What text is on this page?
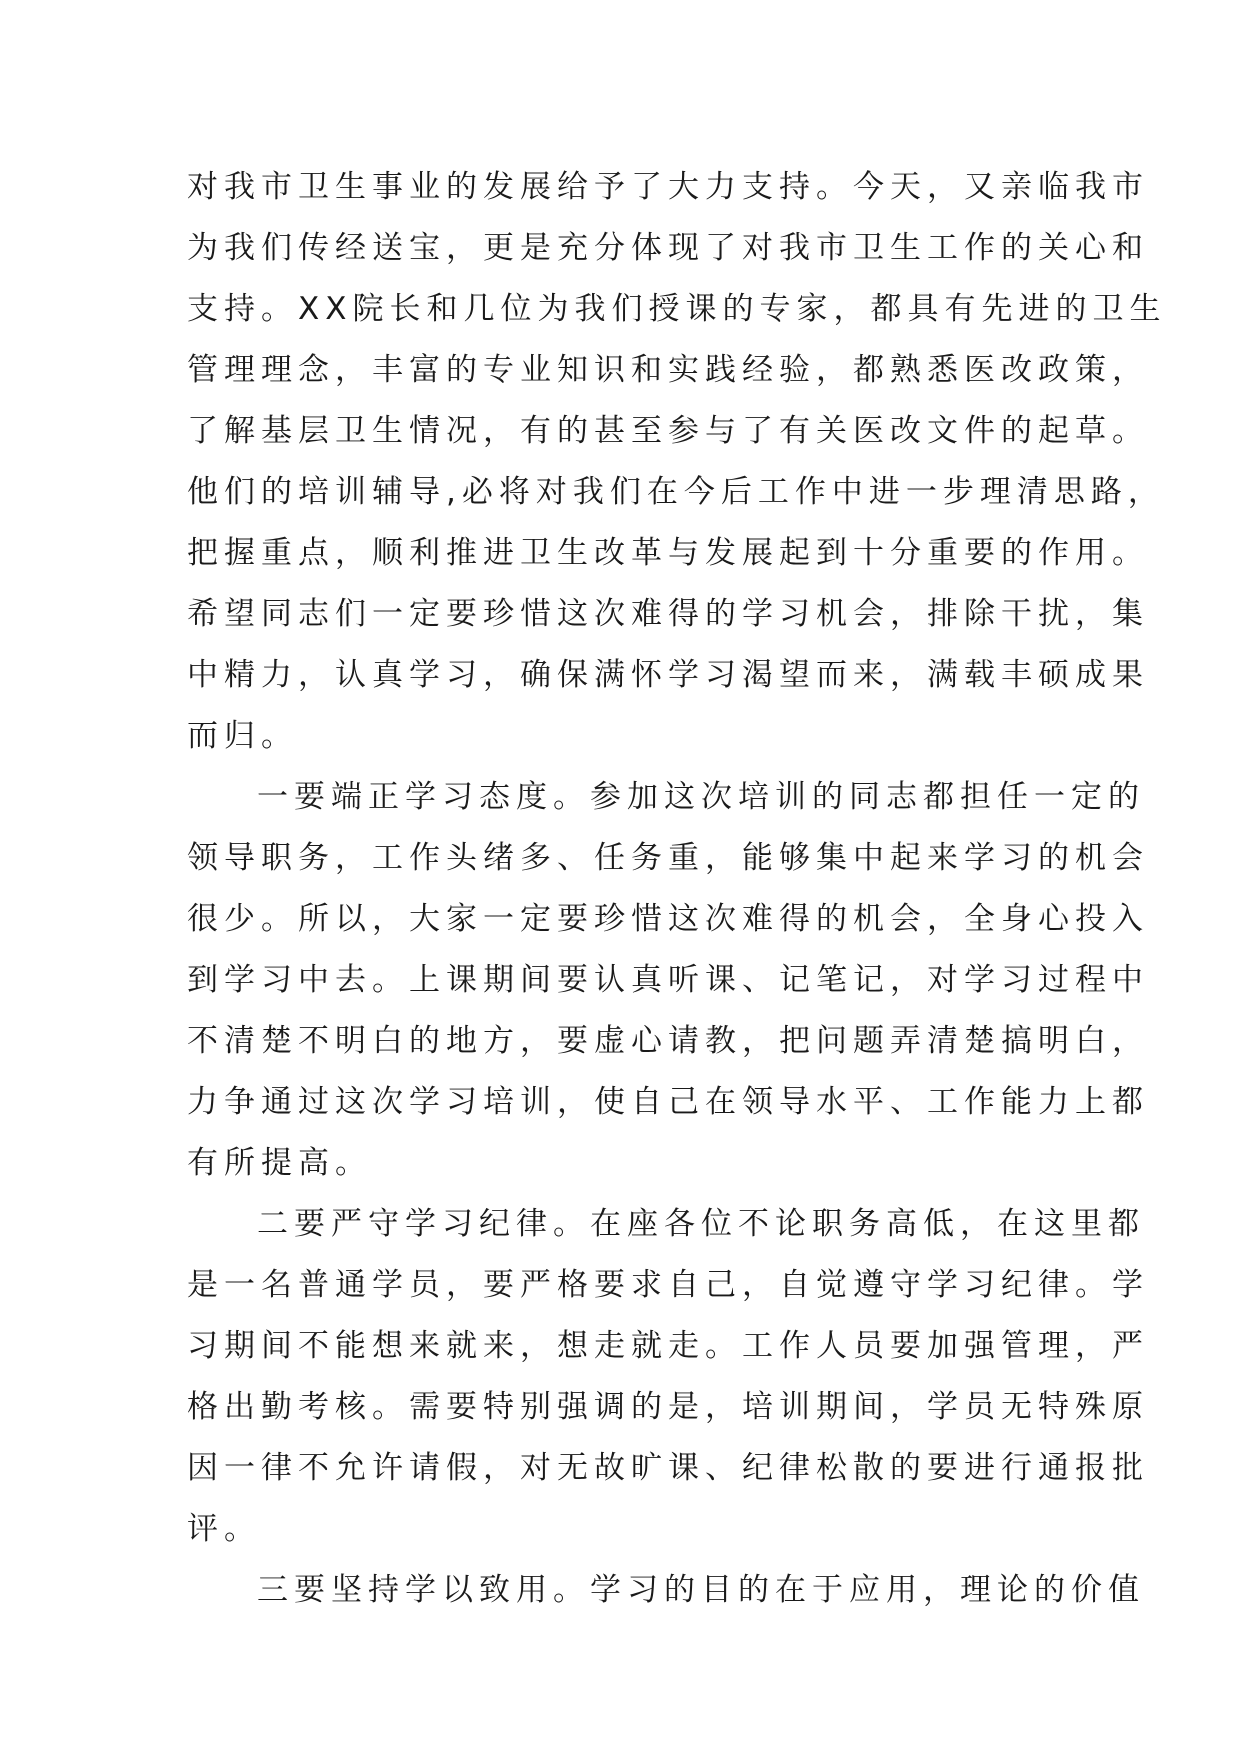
对我市卫生事业的发展给予了大力支持。今天，又亲临我市
为我们传经送宝，更是充分体现了对我市卫生工作的关心和
支持。XX院长和几位为我们授课的专家，都具有先进的卫生
管理理念，丰富的专业知识和实践经验，都熟悉医改政策，
了解基层卫生情况，有的甚至参与了有关医改文件的起草。
他们的培训辅导,必将对我们在今后工作中进一步理清思路，
把握重点，顺利推进卫生改革与发展起到十分重要的作用。
希望同志们一定要珍惜这次难得的学习机会，排除干扰，集
中精力，认真学习，确保满怀学习渴望而来，满载丰硕成果
而归。
一要端正学习态度。参加这次培训的同志都担任一定的
领导职务，工作头绪多、任务重，能够集中起来学习的机会
很少。所以，大家一定要珍惜这次难得的机会，全身心投入
到学习中去。上课期间要认真听课、记笔记，对学习过程中
不清楚不明白的地方，要虚心请教，把问题弄清楚搞明白，
力争通过这次学习培训，使自己在领导水平、工作能力上都
有所提高。
二要严守学习纪律。在座各位不论职务高低，在这里都
是一名普通学员，要严格要求自己，自觉遵守学习纪律。学
习期间不能想来就来，想走就走。工作人员要加强管理，严
格出勤考核。需要特别强调的是，培训期间，学员无特殊原
因一律不允许请假，对无故旷课、纪律松散的要进行通报批
评。
三要坚持学以致用。学习的目的在于应用，理论的价值
